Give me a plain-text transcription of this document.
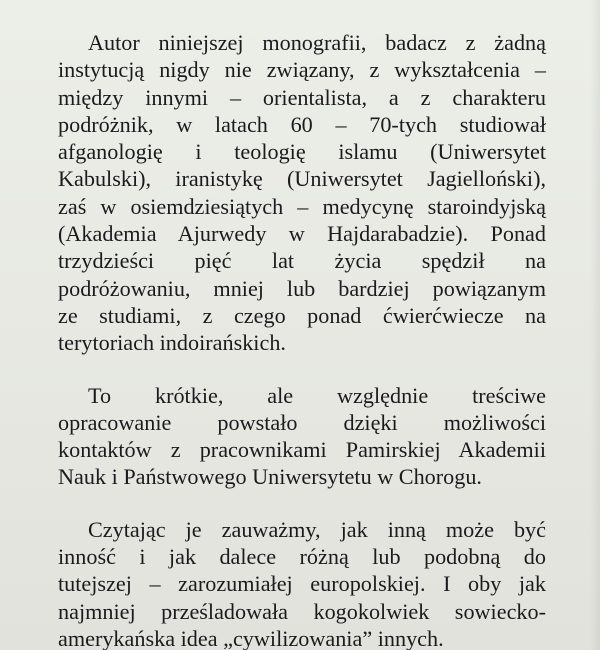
Autor niniejszej monografii, badacz z żadną
instytucją nigdy nie związany, z wykształcenia –
między innymi – orientalista, a z charakteru
podróżnik, w latach 60 – 70-tych studiował
afganologię i teologię islamu (Uniwersytet
Kabulski), iranistykę (Uniwersytet Jagielloński),
zaś w osiemdziesiątych – medycynę staroindyjską
(Akademia Ajurwedy w Hajdarabadzie). Ponad
trzydzieści pięć lat życia spędził na
podróżowaniu, mniej lub bardziej powiązanym
ze studiami, z czego ponad ćwierćwiecze na
terytoriach indoirańskich.

To krótkie, ale względnie treściwe
opracowanie powstało dzięki możliwości
kontaktów z pracownikami Pamirskiej Akademii
Nauk i Państwowego Uniwersytetu w Chorogu.

Czytając je zauważmy, jak inną może być
inność i jak dalece różną lub podobną do
tutejszej – zarozumiałej europolskiej. I oby jak
najmniej prześladowała kogokolwiek sowiecko-
amerykańska idea „cywilizowania” innych.
